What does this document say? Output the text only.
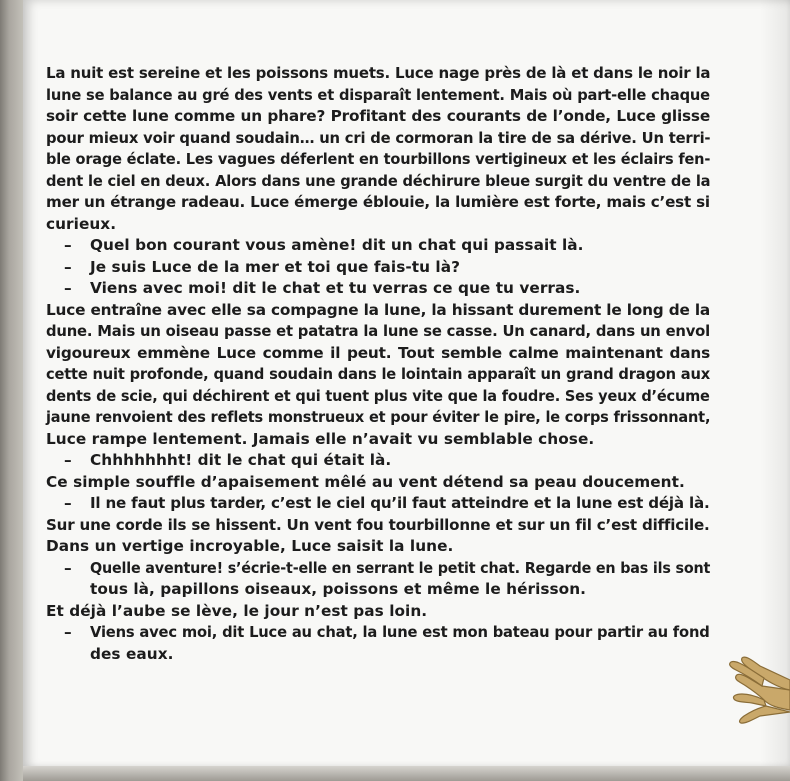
La nuit est sereine et les poissons muets. Luce nage près de là et dans le noir la
lune se balance au gré des vents et disparaît lentement. Mais où part-elle chaque
soir cette lune comme un phare? Profitant des courants de l’onde, Luce glisse
pour mieux voir quand soudain… un cri de cormoran la tire de sa dérive. Un terri-
ble orage éclate. Les vagues déferlent en tourbillons vertigineux et les éclairs fen-
dent le ciel en deux. Alors dans une grande déchirure bleue surgit du ventre de la
mer un étrange radeau. Luce émerge éblouie, la lumière est forte, mais c’est si
curieux.
– Quel bon courant vous amène! dit un chat qui passait là.
– Je suis Luce de la mer et toi que fais-tu là?
– Viens avec moi! dit le chat et tu verras ce que tu verras.
Luce entraîne avec elle sa compagne la lune, la hissant durement le long de la
dune. Mais un oiseau passe et patatra la lune se casse. Un canard, dans un envol
vigoureux emmène Luce comme il peut. Tout semble calme maintenant dans
cette nuit profonde, quand soudain dans le lointain apparaît un grand dragon aux
dents de scie, qui déchirent et qui tuent plus vite que la foudre. Ses yeux d’écume
jaune renvoient des reflets monstrueux et pour éviter le pire, le corps frissonnant,
Luce rampe lentement. Jamais elle n’avait vu semblable chose.
– Chhhhhhht! dit le chat qui était là.
Ce simple souffle d’apaisement mêlé au vent détend sa peau doucement.
– Il ne faut plus tarder, c’est le ciel qu’il faut atteindre et la lune est déjà là.
Sur une corde ils se hissent. Un vent fou tourbillonne et sur un fil c’est difficile.
Dans un vertige incroyable, Luce saisit la lune.
– Quelle aventure! s’écrie-t-elle en serrant le petit chat. Regarde en bas ils sont
tous là, papillons oiseaux, poissons et même le hérisson.
Et déjà l’aube se lève, le jour n’est pas loin.
– Viens avec moi, dit Luce au chat, la lune est mon bateau pour partir au fond
des eaux.
